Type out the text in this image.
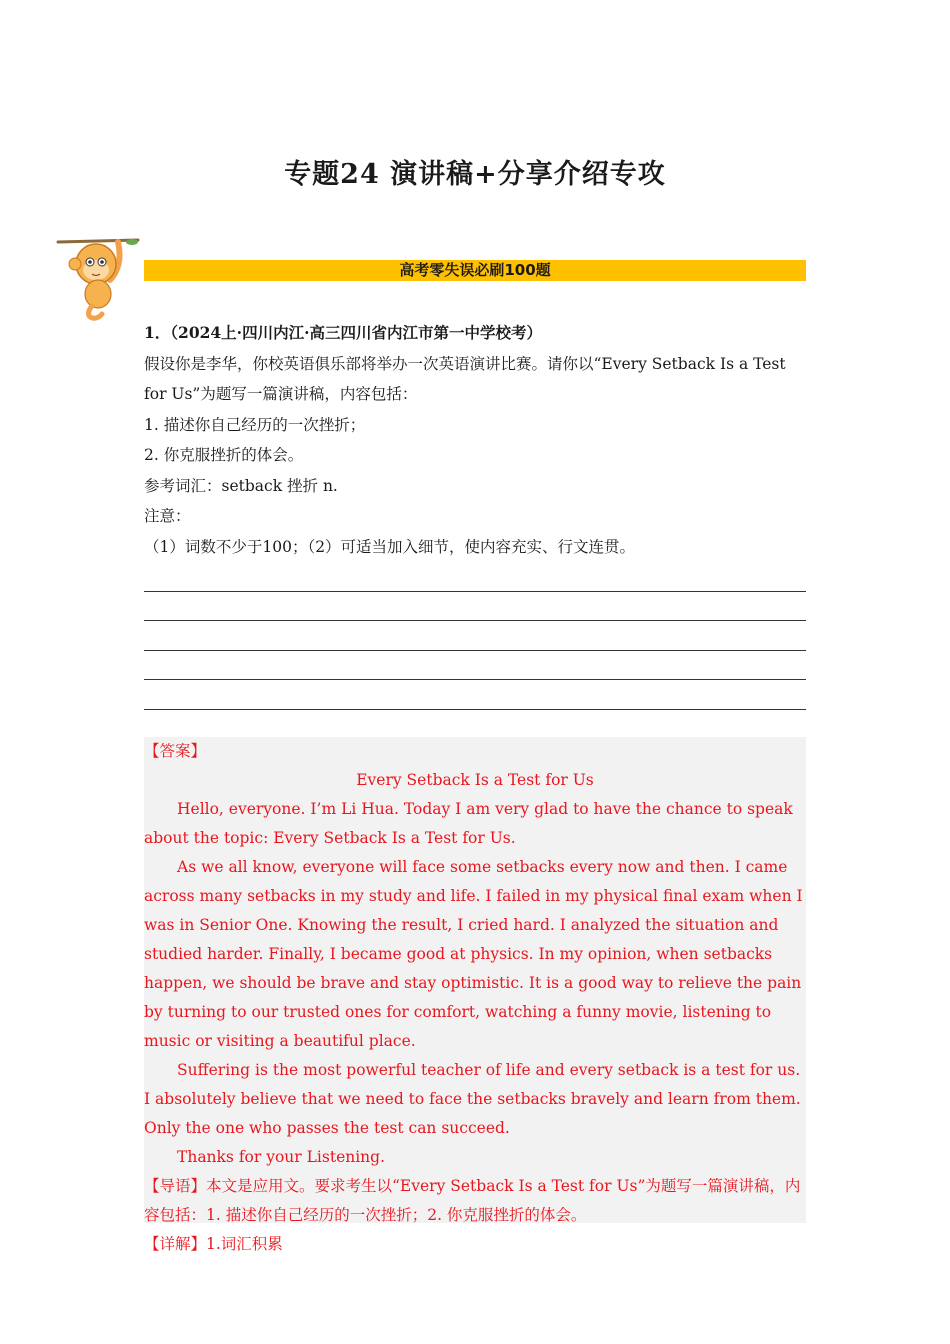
专题24 演讲稿+分享介绍专攻
高考零失误必刷100题
1．（2024上·四川内江·高三四川省内江市第一中学校考）
假设你是李华，你校英语俱乐部将举办一次英语演讲比赛。请你以“Every Setback Is a Test for Us”为题写一篇演讲稿，内容包括：
1. 描述你自己经历的一次挫折；
2. 你克服挫折的体会。
参考词汇：setback 挫折 n.
注意：
（1）词数不少于100；（2）可适当加入细节，使内容充实、行文连贯。

【答案】

Every Setback Is a Test for Us

Hello, everyone. I’m Li Hua. Today I am very glad to have the chance to speak about the topic: Every Setback Is a Test for Us.

As we all know, everyone will face some setbacks every now and then. I came across many setbacks in my study and life. I failed in my physical final exam when I was in Senior One. Knowing the result, I cried hard. I analyzed the situation and studied harder. Finally, I became good at physics. In my opinion, when setbacks happen, we should be brave and stay optimistic. It is a good way to relieve the pain by turning to our trusted ones for comfort, watching a funny movie, listening to music or visiting a beautiful place.

Suffering is the most powerful teacher of life and every setback is a test for us. I absolutely believe that we need to face the setbacks bravely and learn from them. Only the one who passes the test can succeed.

Thanks for your Listening.

【导语】本文是应用文。要求考生以“Every Setback Is a Test for Us”为题写一篇演讲稿，内容包括：1. 描述你自己经历的一次挫折；2. 你克服挫折的体会。

【详解】1.词汇积累
